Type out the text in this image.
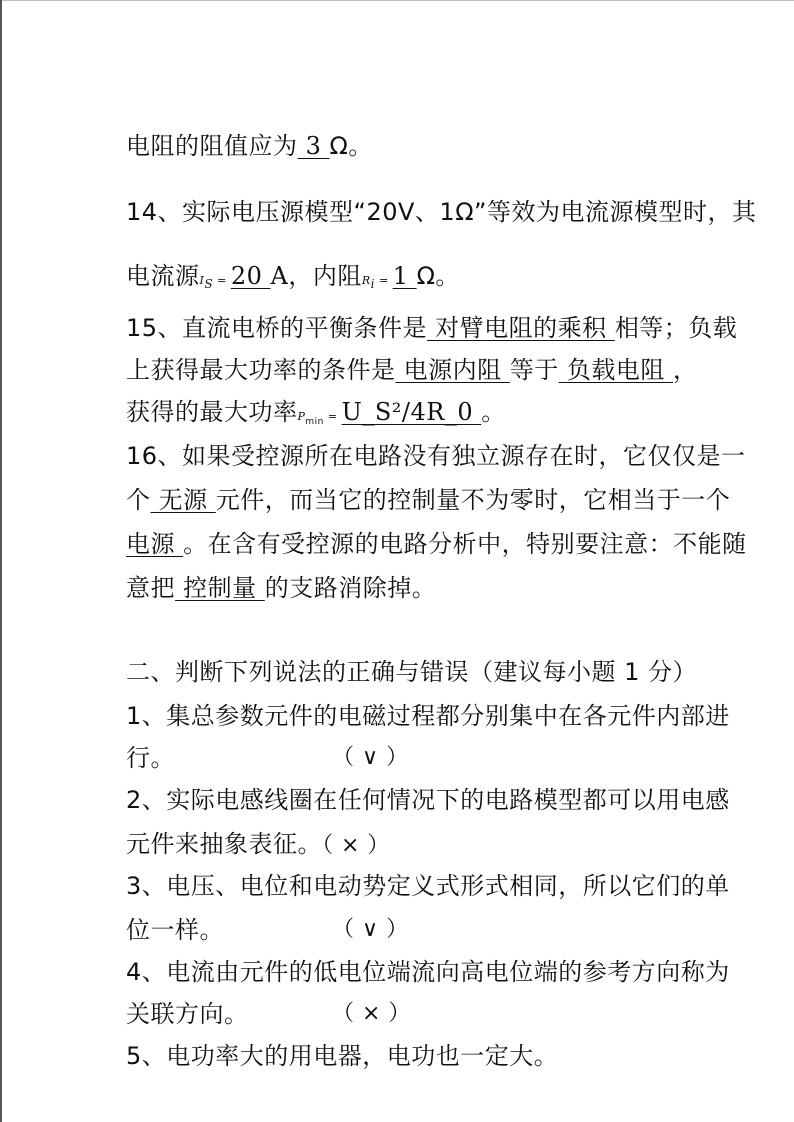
电阻的阻值应为 3 Ω。
14、实际电压源模型“20V、1Ω”等效为电流源模型时，其
电流源$I_S = 20$ A，内阻$R_i = 1$ Ω。
15、直流电桥的平衡条件是 对臂电阻的乘积 相等；负载
上获得最大功率的条件是 电源内阻 等于 负载电阻 ，
获得的最大功率$P_{min}$ = U_S²/4R_0 。
16、如果受控源所在电路没有独立源存在时，它仅仅是一
个 无源 元件，而当它的控制量不为零时，它相当于一个
电源 。在含有受控源的电路分析中，特别要注意：不能随
意把 控制量 的支路消除掉。
二、判断下列说法的正确与错误（建议每小题 1 分）
1、集总参数元件的电磁过程都分别集中在各元件内部进
行。	（ ∨ ）
2、实际电感线圈在任何情况下的电路模型都可以用电感
元件来抽象表征。（ × ）
3、电压、电位和电动势定义式形式相同，所以它们的单
位一样。	（ ∨ ）
4、电流由元件的低电位端流向高电位端的参考方向称为
关联方向。	（ × ）
5、电功率大的用电器，电功也一定大。
